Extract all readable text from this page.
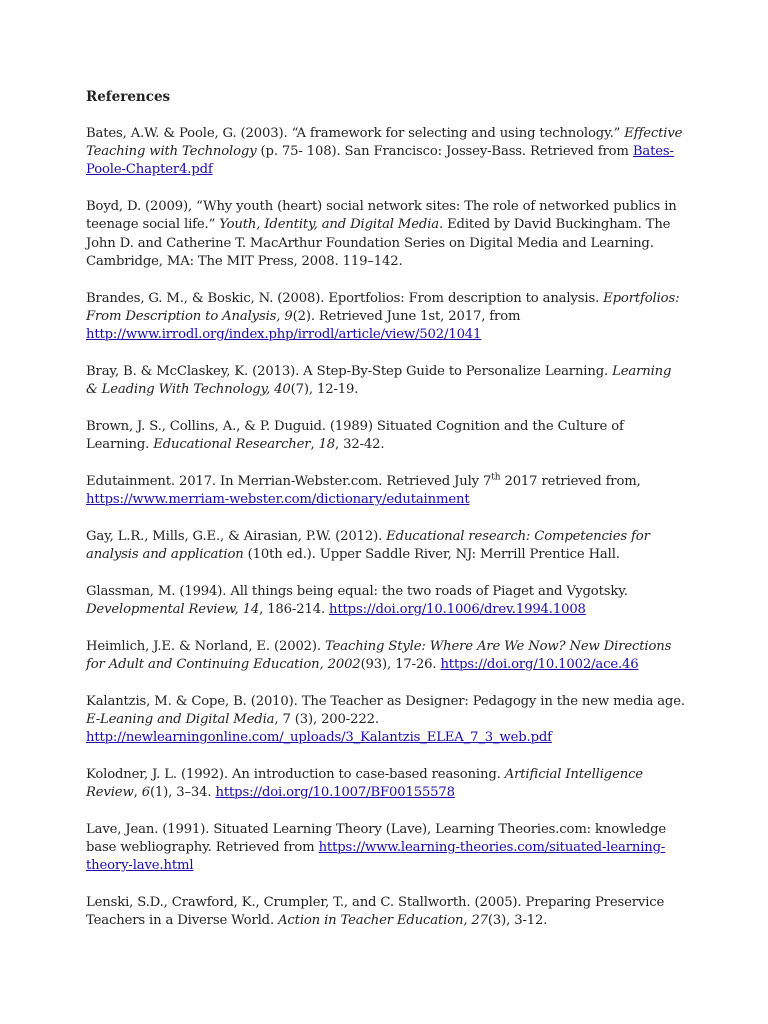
References

Bates, A.W. & Poole, G. (2003). “A framework for selecting and using technology.” Effective Teaching with Technology (p. 75- 108). San Francisco: Jossey-Bass. Retrieved from Bates-Poole-Chapter4.pdf

Boyd, D. (2009), “Why youth (heart) social network sites: The role of networked publics in teenage social life.” Youth, Identity, and Digital Media. Edited by David Buckingham. The John D. and Catherine T. MacArthur Foundation Series on Digital Media and Learning. Cambridge, MA: The MIT Press, 2008. 119–142.

Brandes, G. M., & Boskic, N. (2008). Eportfolios: From description to analysis. Eportfolios: From Description to Analysis, 9(2). Retrieved June 1st, 2017, from http://www.irrodl.org/index.php/irrodl/article/view/502/1041

Bray, B. & McClaskey, K. (2013). A Step-By-Step Guide to Personalize Learning. Learning & Leading With Technology, 40(7), 12-19.

Brown, J. S., Collins, A., & P. Duguid. (1989) Situated Cognition and the Culture of Learning. Educational Researcher, 18, 32-42.

Edutainment. 2017. In Merrian-Webster.com. Retrieved July 7th 2017 retrieved from, https://www.merriam-webster.com/dictionary/edutainment

Gay, L.R., Mills, G.E., & Airasian, P.W. (2012). Educational research: Competencies for analysis and application (10th ed.). Upper Saddle River, NJ: Merrill Prentice Hall.

Glassman, M. (1994). All things being equal: the two roads of Piaget and Vygotsky. Developmental Review, 14, 186-214. https://doi.org/10.1006/drev.1994.1008

Heimlich, J.E. & Norland, E. (2002). Teaching Style: Where Are We Now? New Directions for Adult and Continuing Education, 2002(93), 17-26. https://doi.org/10.1002/ace.46

Kalantzis, M. & Cope, B. (2010). The Teacher as Designer: Pedagogy in the new media age. E-Leaning and Digital Media, 7 (3), 200-222. http://newlearningonline.com/_uploads/3_Kalantzis_ELEA_7_3_web.pdf

Kolodner, J. L. (1992). An introduction to case-based reasoning. Artificial Intelligence Review, 6(1), 3–34. https://doi.org/10.1007/BF00155578

Lave, Jean. (1991). Situated Learning Theory (Lave), Learning Theories.com: knowledge base webliography. Retrieved from https://www.learning-theories.com/situated-learning-theory-lave.html

Lenski, S.D., Crawford, K., Crumpler, T., and C. Stallworth. (2005). Preparing Preservice Teachers in a Diverse World. Action in Teacher Education, 27(3), 3-12.
